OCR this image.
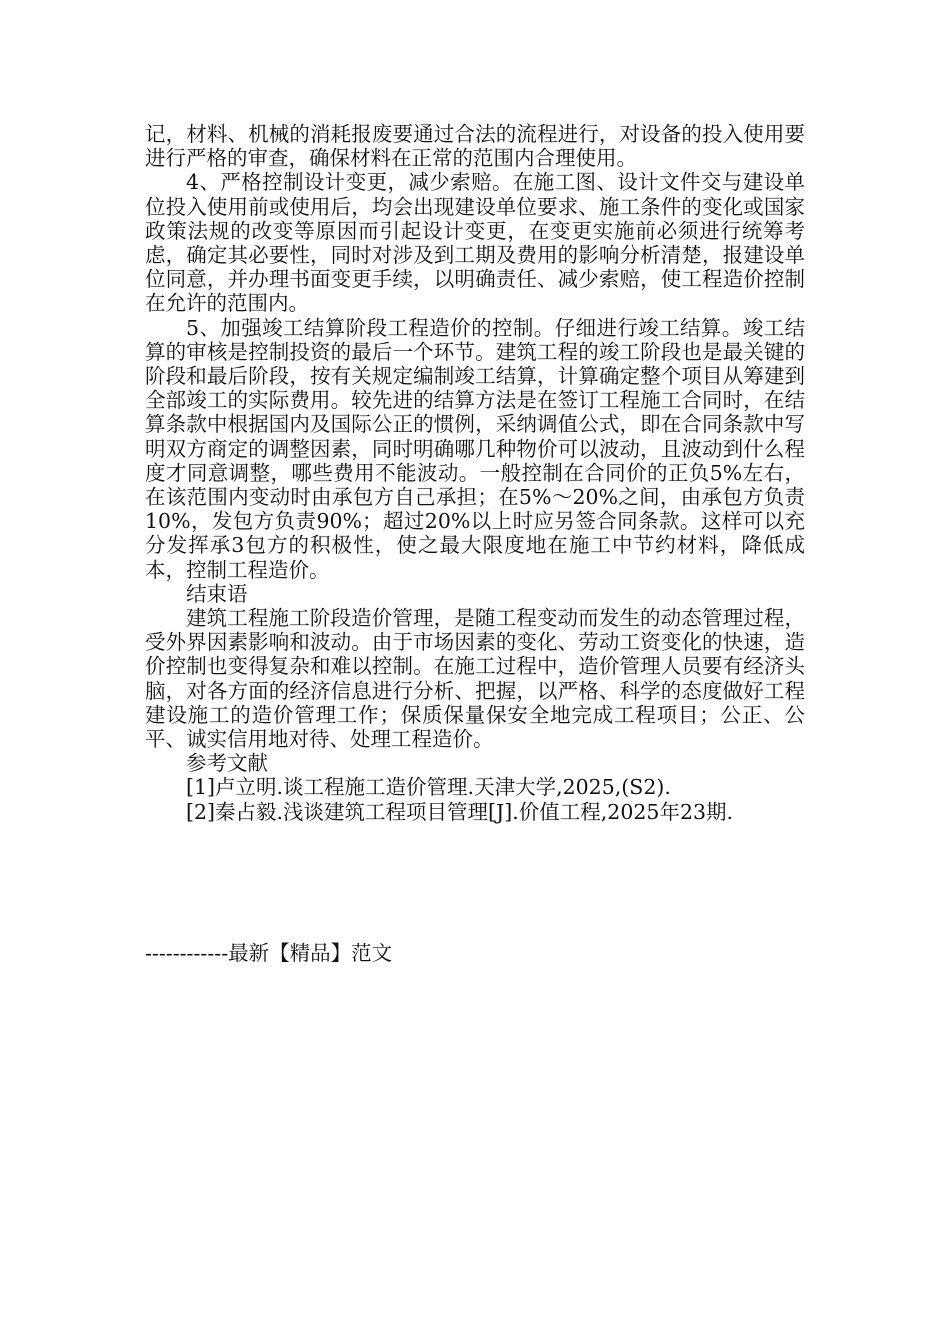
记，材料、机械的消耗报废要通过合法的流程进行，对设备的投入使用要进行严格的审查，确保材料在正常的范围内合理使用。

4、严格控制设计变更，减少索赔。在施工图、设计文件交与建设单位投入使用前或使用后，均会出现建设单位要求、施工条件的变化或国家政策法规的改变等原因而引起设计变更，在变更实施前必须进行统筹考虑，确定其必要性，同时对涉及到工期及费用的影响分析清楚，报建设单位同意，并办理书面变更手续，以明确责任、减少索赔，使工程造价控制在允许的范围内。

5、加强竣工结算阶段工程造价的控制。仔细进行竣工结算。竣工结算的审核是控制投资的最后一个环节。建筑工程的竣工阶段也是最关键的阶段和最后阶段，按有关规定编制竣工结算，计算确定整个项目从筹建到全部竣工的实际费用。较先进的结算方法是在签订工程施工合同时，在结算条款中根据国内及国际公正的惯例，采纳调值公式，即在合同条款中写明双方商定的调整因素，同时明确哪几种物价可以波动，且波动到什么程度才同意调整，哪些费用不能波动。一般控制在合同价的正负5%左右，在该范围内变动时由承包方自己承担；在5%～20%之间，由承包方负责10%，发包方负责90%；超过20%以上时应另签合同条款。这样可以充分发挥承3包方的积极性，使之最大限度地在施工中节约材料，降低成本，控制工程造价。

结束语

建筑工程施工阶段造价管理，是随工程变动而发生的动态管理过程，受外界因素影响和波动。由于市场因素的变化、劳动工资变化的快速，造价控制也变得复杂和难以控制。在施工过程中，造价管理人员要有经济头脑，对各方面的经济信息进行分析、把握，以严格、科学的态度做好工程建设施工的造价管理工作；保质保量保安全地完成工程项目；公正、公平、诚实信用地对待、处理工程造价。

参考文献

[1]卢立明.谈工程施工造价管理.天津大学,2025,(S2).

[2]秦占毅.浅谈建筑工程项目管理[J].价值工程,2025年23期.

------------最新【精品】范文
